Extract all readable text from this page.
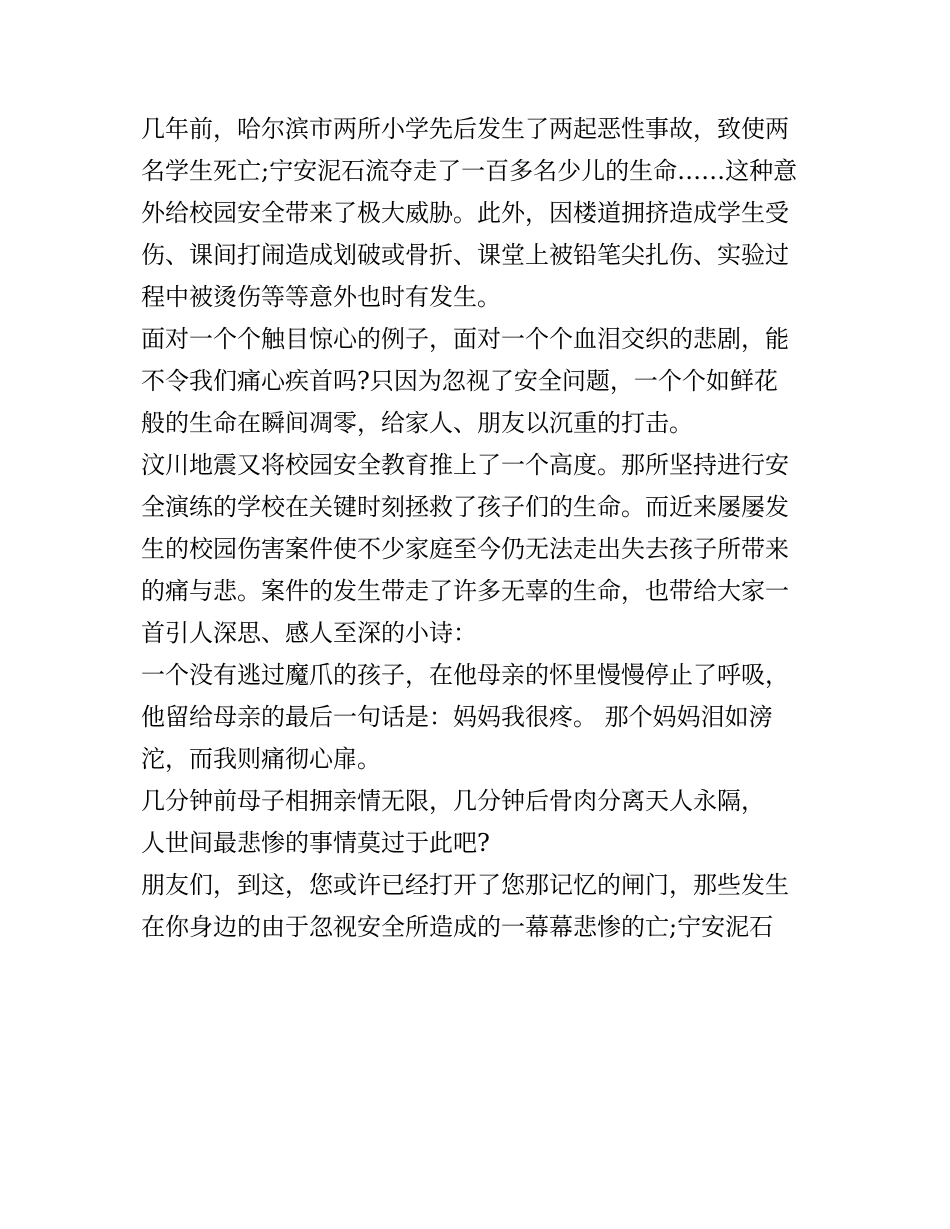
几年前，哈尔滨市两所小学先后发生了两起恶性事故，致使两
名学生死亡;宁安泥石流夺走了一百多名少儿的生命……这种意
外给校园安全带来了极大威胁。此外，因楼道拥挤造成学生受
伤、课间打闹造成划破或骨折、课堂上被铅笔尖扎伤、实验过
程中被烫伤等等意外也时有发生。
面对一个个触目惊心的例子，面对一个个血泪交织的悲剧，能
不令我们痛心疾首吗?只因为忽视了安全问题，一个个如鲜花
般的生命在瞬间凋零，给家人、朋友以沉重的打击。
汶川地震又将校园安全教育推上了一个高度。那所坚持进行安
全演练的学校在关键时刻拯救了孩子们的生命。而近来屡屡发
生的校园伤害案件使不少家庭至今仍无法走出失去孩子所带来
的痛与悲。案件的发生带走了许多无辜的生命，也带给大家一
首引人深思、感人至深的小诗：
一个没有逃过魔爪的孩子，在他母亲的怀里慢慢停止了呼吸，
他留给母亲的最后一句话是：妈妈我很疼。 那个妈妈泪如滂
沱，而我则痛彻心扉。
几分钟前母子相拥亲情无限，几分钟后骨肉分离天人永隔，
人世间最悲惨的事情莫过于此吧?
朋友们，到这，您或许已经打开了您那记忆的闸门，那些发生
在你身边的由于忽视安全所造成的一幕幕悲惨的亡;宁安泥石
